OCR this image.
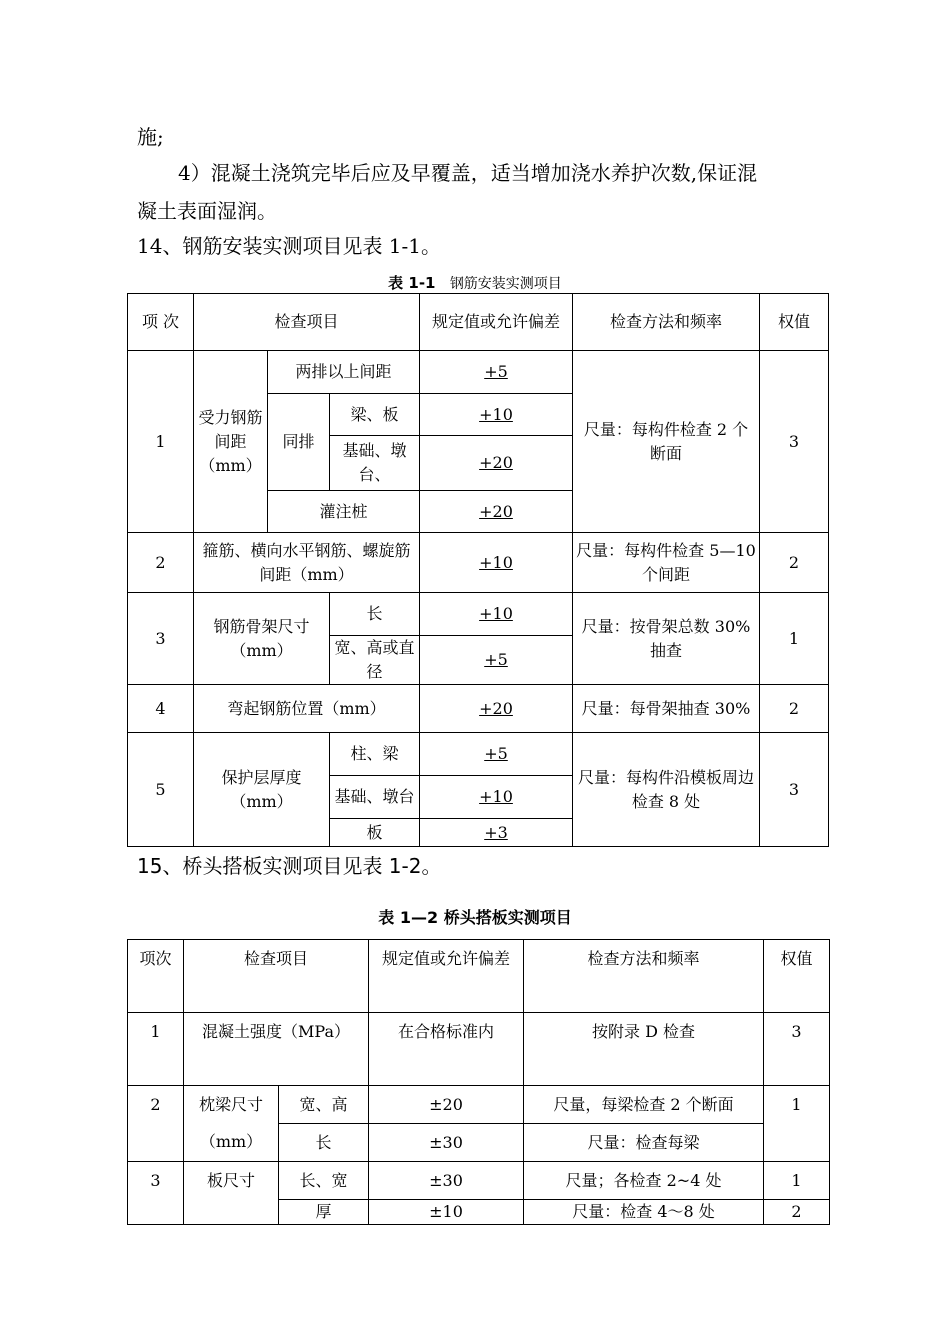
施;
4）混凝土浇筑完毕后应及早覆盖，适当增加浇水养护次数,保证混
凝土表面湿润。
14、钢筋安装实测项目见表 1-1。
表 1-1 钢筋安装实测项目
项 次	检查项目			规定值或允许偏差	检查方法和频率	权值
1	受力钢筋间距（mm）	两排以上间距		+5	尺量：每构件检查 2 个断面	3
		同排	梁、板	+10		
			基础、墩台、	+20		
		灌注桩		+20		
2	箍筋、横向水平钢筋、螺旋筋间距（mm）			+10	尺量：每构件检查 5—10 个间距	2
3	钢筋骨架尺寸（mm）		长	+10	尺量：按骨架总数 30%抽查	1
			宽、高或直径	+5		
4	弯起钢筋位置（mm）			+20	尺量：每骨架抽查 30%	2
5	保护层厚度（mm）		柱、梁	+5	尺量：每构件沿模板周边检查 8 处	3
			基础、墩台	+10		
			板	+3		
15、桥头搭板实测项目见表 1-2。
表 1—2 桥头搭板实测项目
项次	检查项目		规定值或允许偏差	检查方法和频率	权值
1	混凝土强度（MPa）		在合格标准内	按附录 D 检查	3
2	枕梁尺寸（mm）	宽、高	±20	尺量，每梁检查 2 个断面	1
		长	±30	尺量：检查每梁	
3	板尺寸	长、宽	±30	尺量；各检查 2~4 处	1
		厚	±10	尺量：检查 4～8 处	2
